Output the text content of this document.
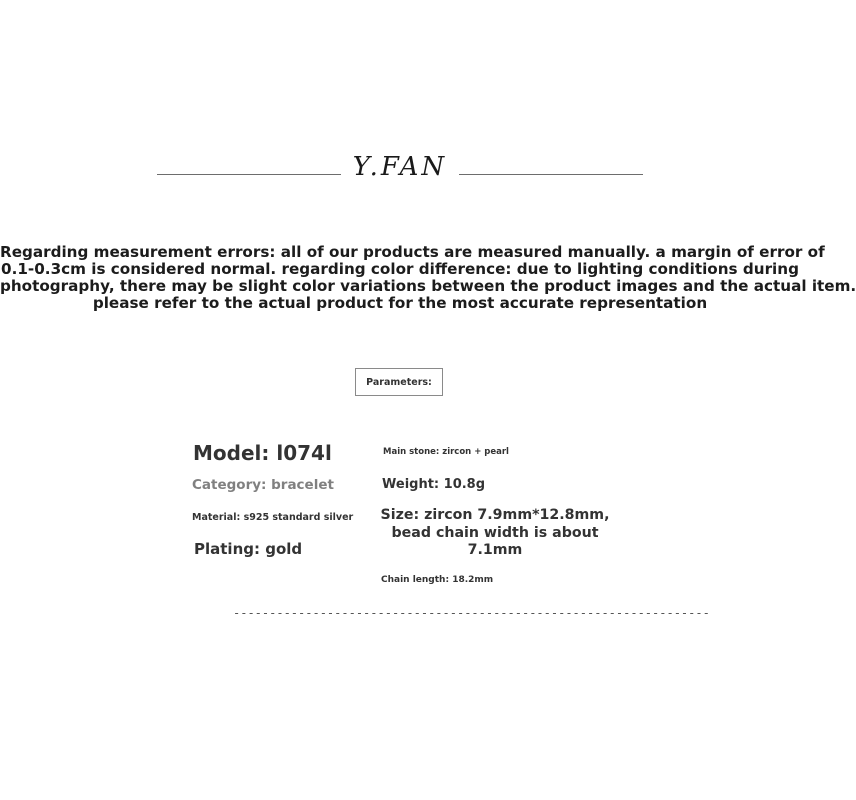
Y.FAN
Regarding measurement errors: all of our products are measured manually. a margin of error of
0.1-0.3cm is considered normal. regarding color difference: due to lighting conditions during
photography, there may be slight color variations between the product images and the actual item.
please refer to the actual product for the most accurate representation
Parameters:
Model: l074l
Category: bracelet
Material: s925 standard silver
Plating: gold
Main stone: zircon + pearl
Weight: 10.8g
Size: zircon 7.9mm*12.8mm,
bead chain width is about
7.1mm
Chain length: 18.2mm
------------------------------------------------------------------
